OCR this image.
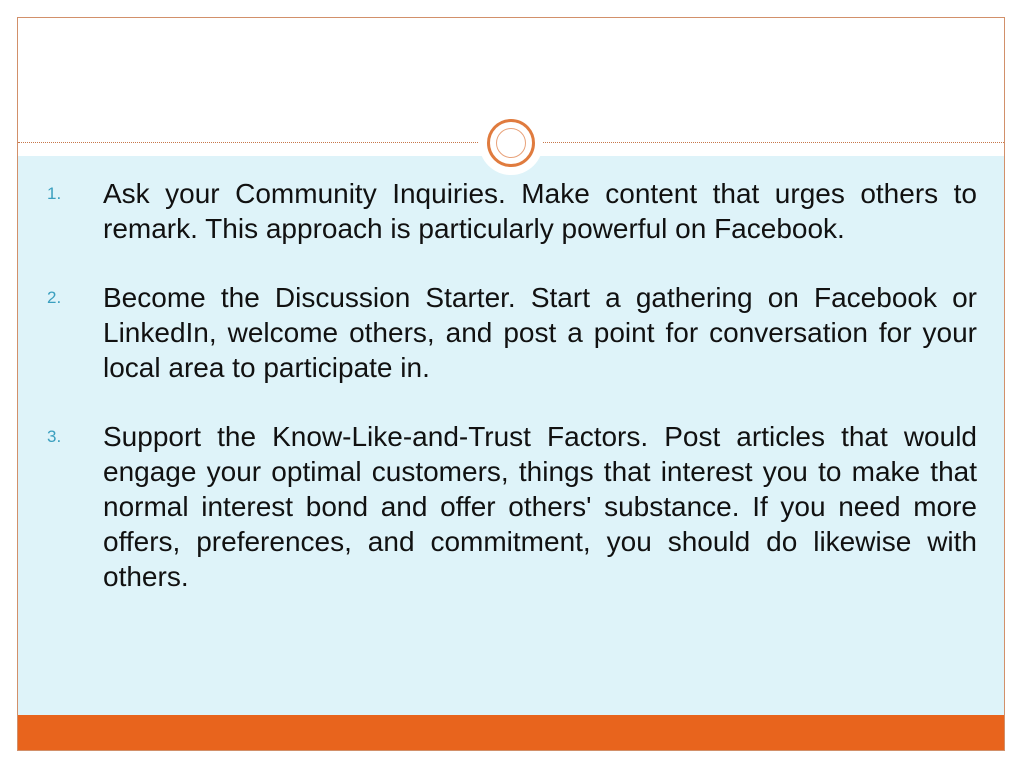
1. Ask your Community Inquiries. Make content that urges others to remark. This approach is particularly powerful on Facebook.
2. Become the Discussion Starter. Start a gathering on Facebook or LinkedIn, welcome others, and post a point for conversation for your local area to participate in.
3. Support the Know-Like-and-Trust Factors. Post articles that would engage your optimal customers, things that interest you to make that normal interest bond and offer others' substance. If you need more offers, preferences, and commitment, you should do likewise with others.
